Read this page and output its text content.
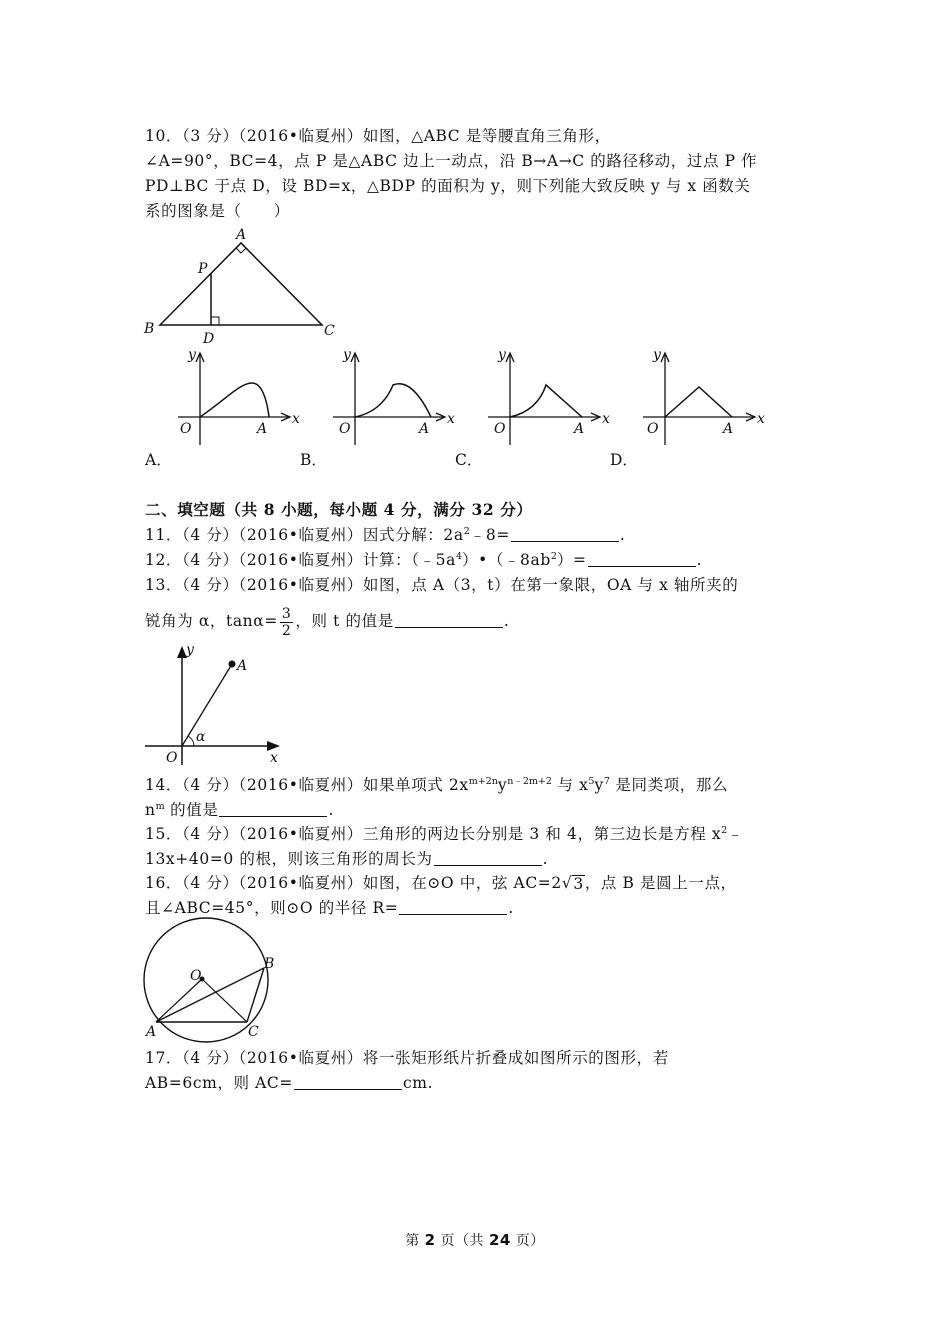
10．（3 分）（2016•临夏州）如图，△ABC 是等腰直角三角形，
∠A=90°，BC=4，点 P 是△ABC 边上一动点，沿 B→A→C 的路径移动，过点 P 作
PD⊥BC 于点 D，设 BD=x，△BDP 的面积为 y，则下列能大致反映 y 与 x 函数关
系的图象是（　　）
A
B	C
D
P
y
x
O	A
y
x
O	A
y
x
O	A
y
x
O	A
A．	B．	C．	D．
二、填空题（共 8 小题，每小题 4 分，满分 32 分）
11．（4 分）（2016•临夏州）因式分解：$2a^2﹣8=$	.
12．（4 分）（2016•临夏州）计算：$(﹣5a^4)•(﹣8ab^2)=$	.
13．（4 分）（2016•临夏州）如图，点 A（3，t）在第一象限，OA 与 x 轴所夹的
锐角为 α，$\tan\alpha= \frac{3}{2}$ ，则 t 的值是	.
y
A
O
α
x
14．（4 分）（2016•临夏州）如果单项式 $2x^{m+2n}y^{n﹣2m+2}$ 与 $x^5y^7$ 是同类项，那么
$n^m$ 的值是	.
15．（4 分）（2016•临夏州）三角形的两边长分别是 3 和 4，第三边长是方程 $x^2﹣$
13x+40=0 的根，则该三角形的周长为	.
16．（4 分）（2016•临夏州）如图，在⊙O 中，弦 AC=2 √ 3 ，点 B 是圆上一点，
且∠ABC=45°，则⊙O 的半径 R=	.
O
A
B
C
17．（4 分）（2016•临夏州）将一张矩形纸片折叠成如图所示的图形，若
AB=6cm，则 AC=	cm.
第 2 页（共 24 页）
